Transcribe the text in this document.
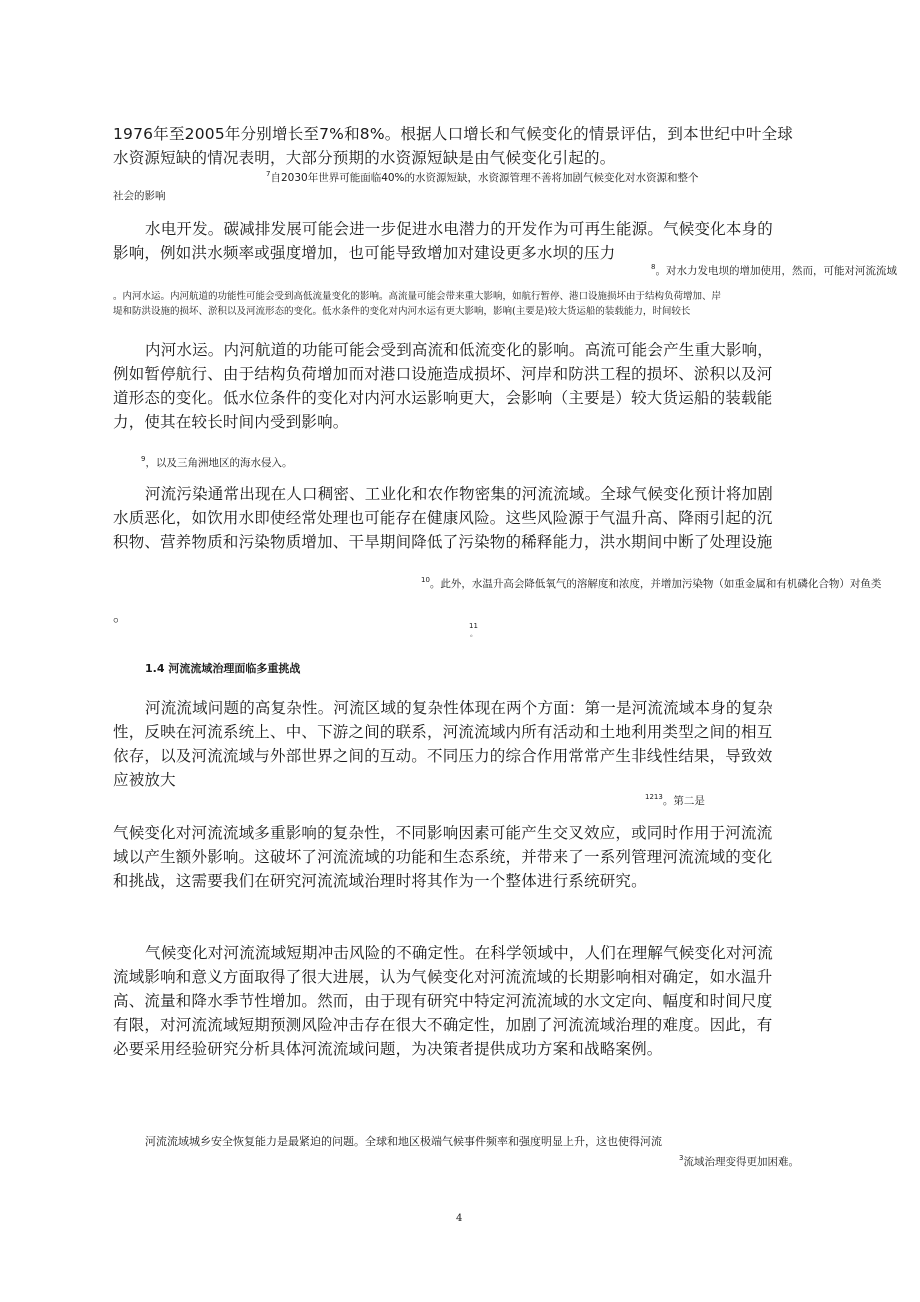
1976年至2005年分别增长至7%和8%。根据人口增长和气候变化的情景评估，到本世纪中叶全球

水资源短缺的情况表明，大部分预期的水资源短缺是由气候变化引起的。

$^7$自2030年世界可能面临40%的水资源短缺，水资源管理不善将加剧气候变化对水资源和整个

社会的影响

水电开发。碳减排发展可能会进一步促进水电潜力的开发作为可再生能源。气候变化本身的

影响，例如洪水频率或强度增加，也可能导致增加对建设更多水坝的压力

$^8$。对水力发电坝的增加使用，然而，可能对河流流域

。内河水运。内河航道的功能性可能会受到高低流量变化的影响。高流量可能会带来重大影响，如航行暂停、港口设施损坏由于结构负荷增加、岸

堤和防洪设施的损坏、淤积以及河流形态的变化。低水条件的变化对内河水运有更大影响，影响(主要是)较大货运船的装载能力，时间较长

内河水运。内河航道的功能可能会受到高流和低流变化的影响。高流可能会产生重大影响，

例如暂停航行、由于结构负荷增加而对港口设施造成损坏、河岸和防洪工程的损坏、淤积以及河

道形态的变化。低水位条件的变化对内河水运影响更大，会影响（主要是）较大货运船的装载能

力，使其在较长时间内受到影响。

$^9$，以及三角洲地区的海水侵入。

河流污染通常出现在人口稠密、工业化和农作物密集的河流流域。全球气候变化预计将加剧

水质恶化，如饮用水即使经常处理也可能存在健康风险。这些风险源于气温升高、降雨引起的沉

积物、营养物质和污染物质增加、干旱期间降低了污染物的稀释能力，洪水期间中断了处理设施

$^{10}$。此外，水温升高会降低氧气的溶解度和浓度，并增加污染物（如重金属和有机磷化合物）对鱼类

。

11
。

1.4 河流流域治理面临多重挑战

河流流域问题的高复杂性。河流区域的复杂性体现在两个方面：第一是河流流域本身的复杂

性，反映在河流系统上、中、下游之间的联系，河流流域内所有活动和土地利用类型之间的相互

依存，以及河流流域与外部世界之间的互动。不同压力的综合作用常常产生非线性结果，导致效

应被放大

$^{1213}$。第二是

气候变化对河流流域多重影响的复杂性，不同影响因素可能产生交叉效应，或同时作用于河流流

域以产生额外影响。这破坏了河流流域的功能和生态系统，并带来了一系列管理河流流域的变化

和挑战，这需要我们在研究河流流域治理时将其作为一个整体进行系统研究。

气候变化对河流流域短期冲击风险的不确定性。在科学领域中，人们在理解气候变化对河流

流域影响和意义方面取得了很大进展，认为气候变化对河流流域的长期影响相对确定，如水温升

高、流量和降水季节性增加。然而，由于现有研究中特定河流流域的水文定向、幅度和时间尺度

有限，对河流流域短期预测风险冲击存在很大不确定性，加剧了河流流域治理的难度。因此，有

必要采用经验研究分析具体河流流域问题，为决策者提供成功方案和战略案例。

河流流域城乡安全恢复能力是最紧迫的问题。全球和地区极端气候事件频率和强度明显上升，这也使得河流

$^3$流域治理变得更加困难。

4
